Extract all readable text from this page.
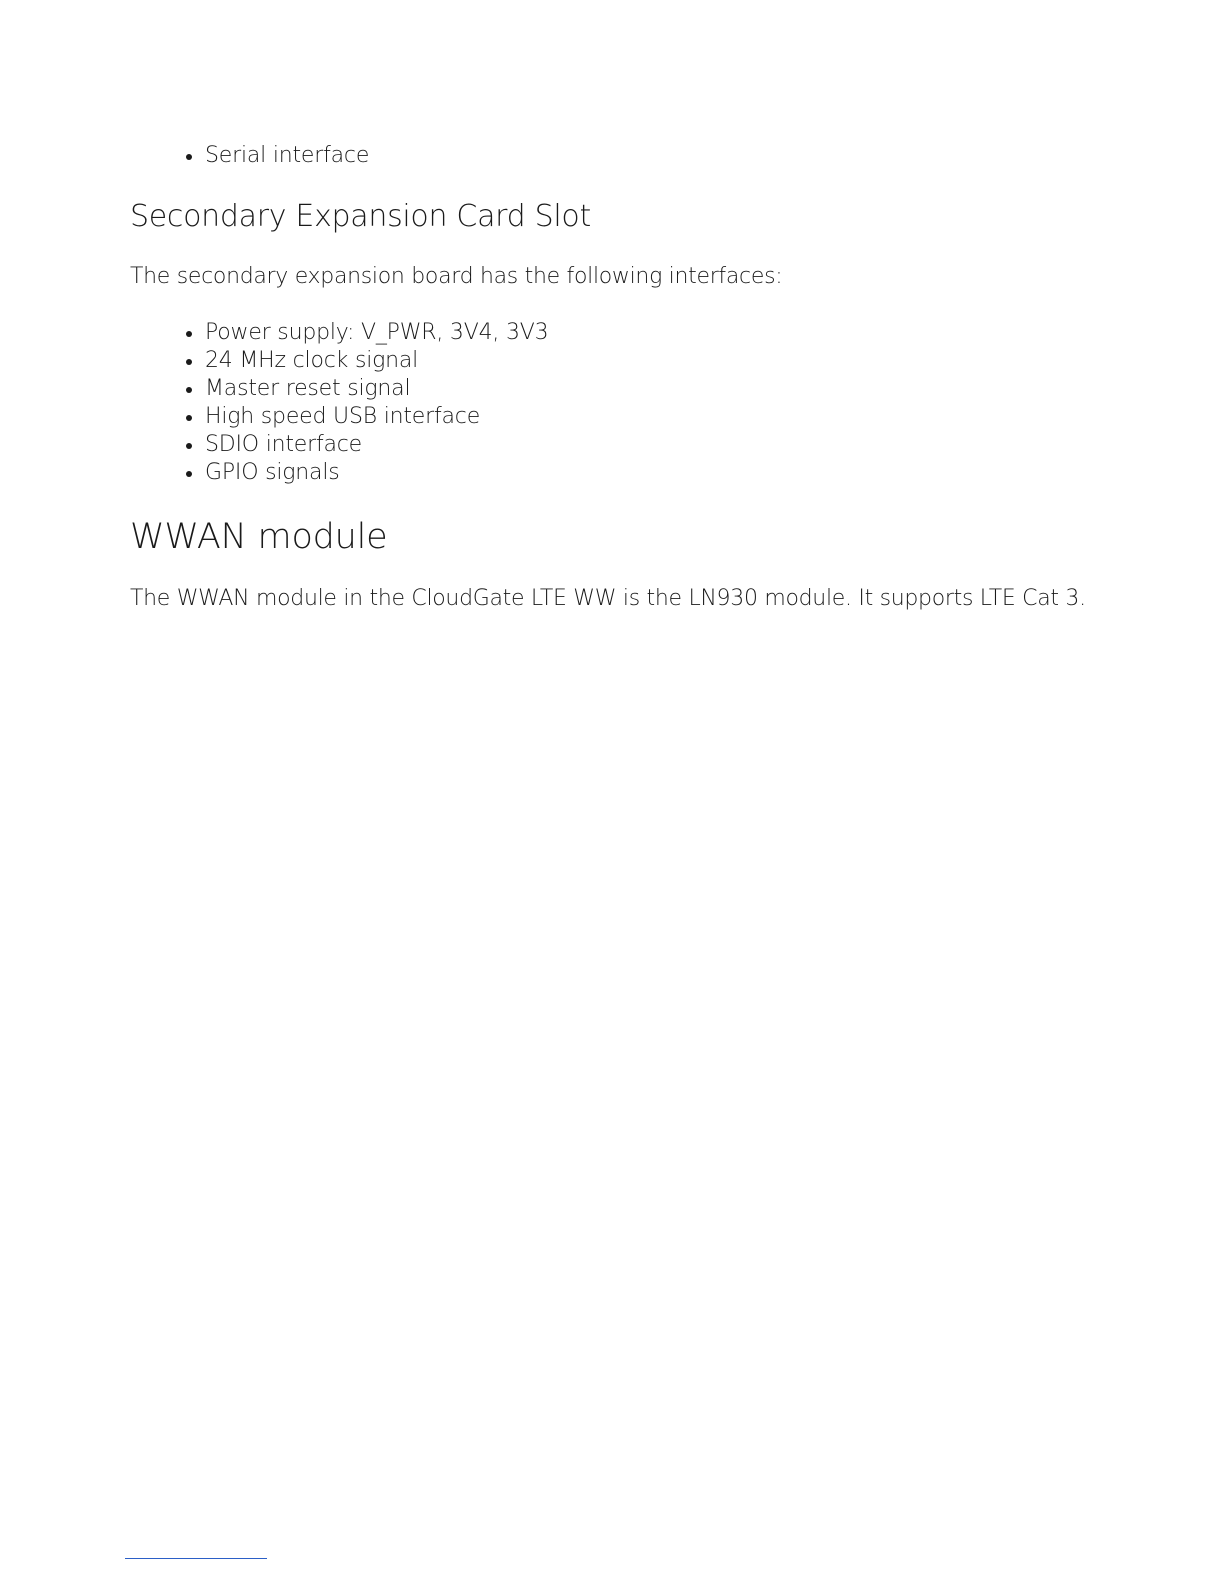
Serial interface
Secondary Expansion Card Slot

The secondary expansion board has the following interfaces:

Power supply: V_PWR, 3V4, 3V3
24 MHz clock signal
Master reset signal
High speed USB interface
SDIO interface
GPIO signals
WWAN module

The WWAN module in the CloudGate LTE WW is the LN930 module. It supports LTE Cat 3.
